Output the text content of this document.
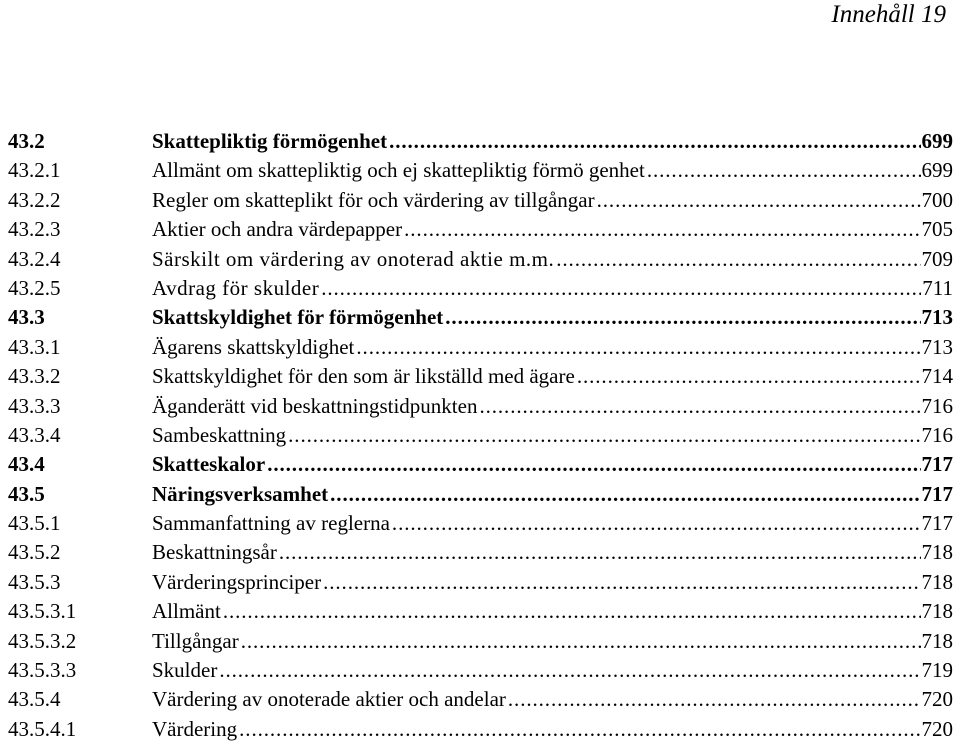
Innehåll 19
43.2	Skattepliktig förmögenhet .....	699
43.2.1	Allmänt om skattepliktig och ej skattepliktig förmö genhet .....	699
43.2.2	Regler om skatteplikt för och värdering av tillgångar .....	700
43.2.3	Aktier och andra värdepapper .....	705
43.2.4	Särskilt om värdering av onoterad aktie m.m. .....	709
43.2.5	Avdrag för skulder .....	711
43.3	Skattskyldighet för förmögenhet .....	713
43.3.1	Ägarens skattskyldighet .....	713
43.3.2	Skattskyldighet för den som är likställd med ägare .....	714
43.3.3	Äganderätt vid beskattningstidpunkten .....	716
43.3.4	Sambeskattning .....	716
43.4	Skatteskalor .....	717
43.5	Näringsverksamhet .....	717
43.5.1	Sammanfattning av reglerna .....	717
43.5.2	Beskattningsår .....	718
43.5.3	Värderingsprinciper .....	718
43.5.3.1	Allmänt .....	718
43.5.3.2	Tillgångar .....	718
43.5.3.3	Skulder .....	719
43.5.4	Värdering av onoterade aktier och andelar .....	720
43.5.4.1	Värdering .....	720
